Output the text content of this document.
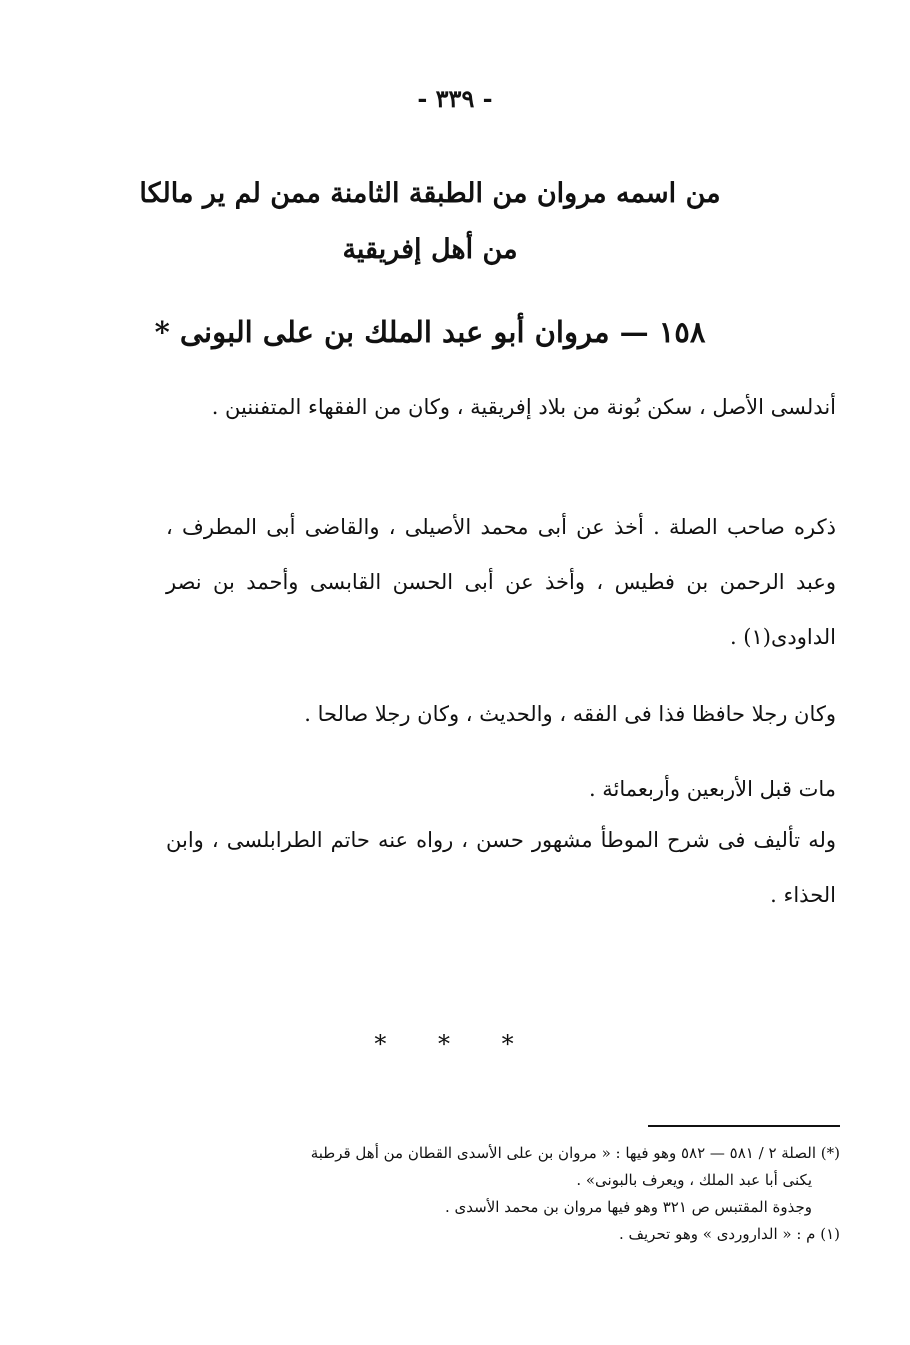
- ٣٣٩ -
من اسمه مروان من الطبقة الثامنة ممن لم ير مالكا
من أهل إفريقية
١٥٨ — مروان أبو عبد الملك بن على البونى *
أندلسى الأصل ، سكن بُونة من بلاد إفريقية ، وكان من الفقهاء المتفننين .
ذكره صاحب الصلة . أخذ عن أبى محمد الأصيلى ، والقاضى أبى المطرف ، وعبد الرحمن بن فطيس ، وأخذ عن أبى الحسن القابسى وأحمد بن نصر الداودى(١) .
وكان رجلا حافظا فذا فى الفقه ، والحديث ، وكان رجلا صالحا .
مات قبل الأربعين وأربعمائة .
وله تأليف فى شرح الموطأ مشهور حسن ، رواه عنه حاتم الطرابلسى ، وابن الحذاء .
* * *
(*) الصلة ٢ / ٥٨١ — ٥٨٢ وهو فيها : « مروان بن على الأسدى القطان من أهل قرطبة
يكنى أبا عبد الملك ، ويعرف بالبونى» .
وجذوة المقتبس ص ٣٢١ وهو فيها مروان بن محمد الأسدى .
(١) م : « الداروردى » وهو تحريف .
